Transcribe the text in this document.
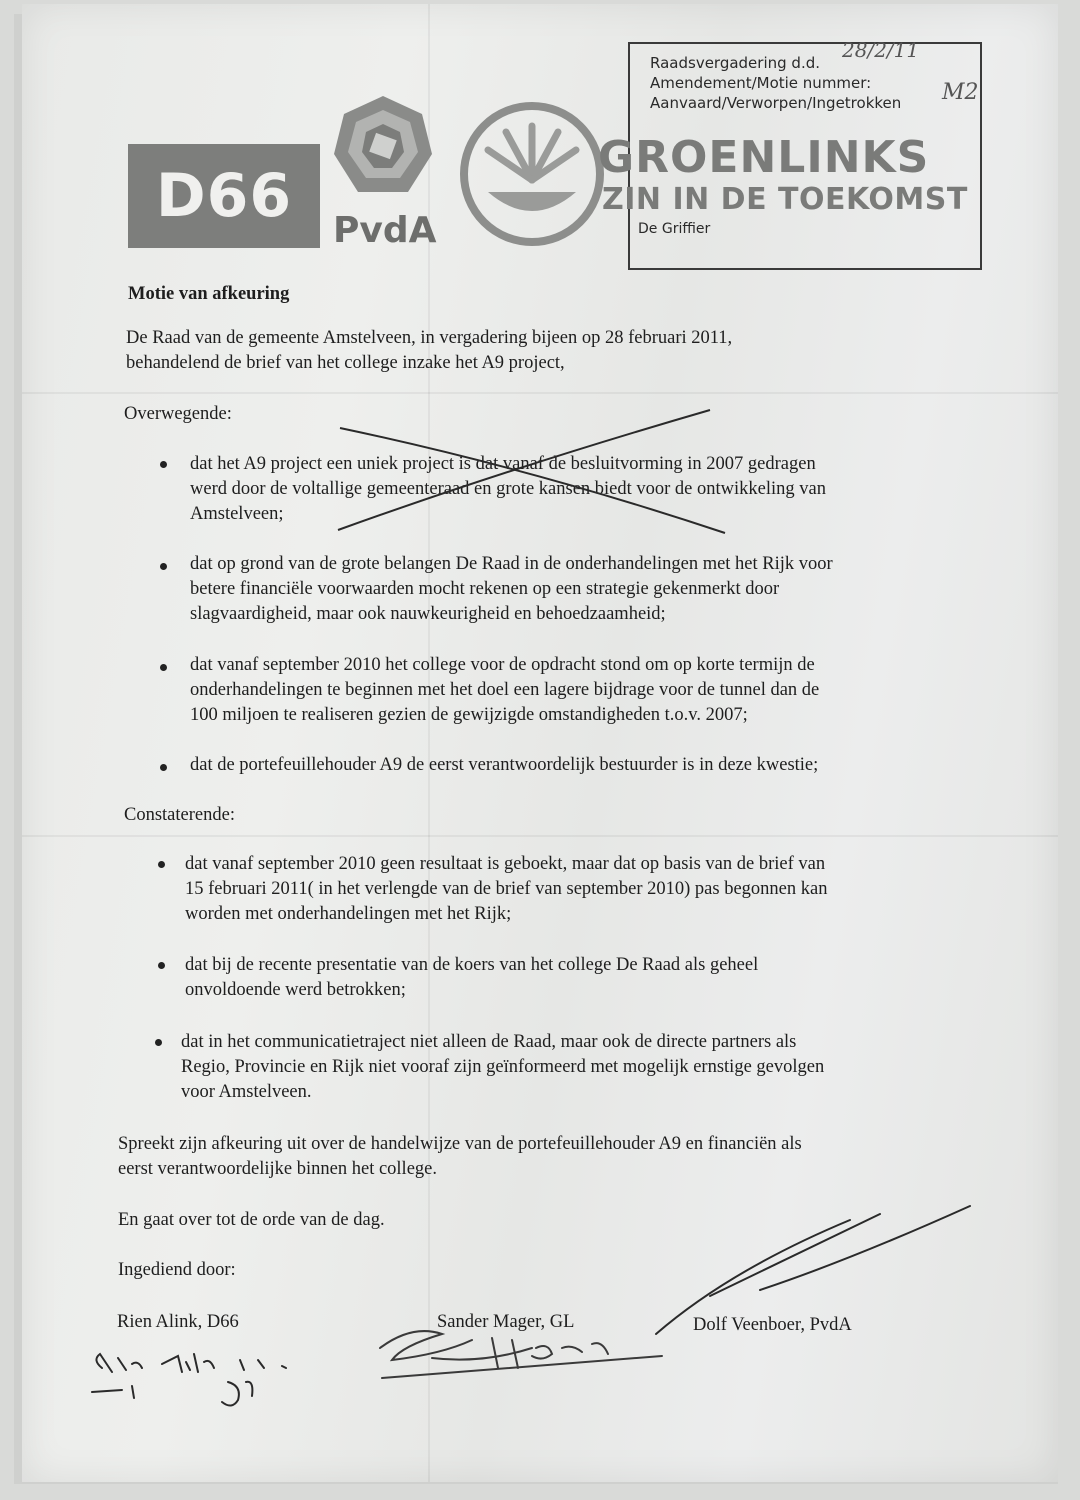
Raadsvergadering d.d.
Amendement/Motie nummer:
Aanvaard/Verworpen/Ingetrokken
28/2/11
M2
De Griffier
D66	PvdA
GROENLINKS
ZIN IN DE TOEKOMST
Motie van afkeuring
De Raad van de gemeente Amstelveen, in vergadering bijeen op 28 februari 2011,
behandelend de brief van het college inzake het A9 project,
Overwegende:
dat het A9 project een uniek project is dat vanaf de besluitvorming in 2007 gedragen
werd door de voltallige gemeenteraad en grote kansen biedt voor de ontwikkeling van
Amstelveen;
dat op grond van de grote belangen De Raad in de onderhandelingen met het Rijk voor
betere financiële voorwaarden mocht rekenen op een strategie gekenmerkt door
slagvaardigheid, maar ook nauwkeurigheid en behoedzaamheid;
dat vanaf september 2010 het college voor de opdracht stond om op korte termijn de
onderhandelingen te beginnen met het doel een lagere bijdrage voor de tunnel dan de
100 miljoen te realiseren gezien de gewijzigde omstandigheden t.o.v. 2007;
dat de portefeuillehouder A9 de eerst verantwoordelijk bestuurder is in deze kwestie;
Constaterende:
dat vanaf september 2010 geen resultaat is geboekt, maar dat op basis van de brief van
15 februari 2011( in het verlengde van de brief van september 2010) pas begonnen kan
worden met onderhandelingen met het Rijk;
dat bij de recente presentatie van de koers van het college De Raad als geheel
onvoldoende werd betrokken;
dat in het communicatietraject niet alleen de Raad, maar ook de directe partners als
Regio, Provincie en Rijk niet vooraf zijn geïnformeerd met mogelijk ernstige gevolgen
voor Amstelveen.
Spreekt zijn afkeuring uit over de handelwijze van de portefeuillehouder A9 en financiën als
eerst verantwoordelijke binnen het college.
En gaat over tot de orde van de dag.
Ingediend door:
Rien Alink, D66	Sander Mager, GL	Dolf Veenboer, PvdA
